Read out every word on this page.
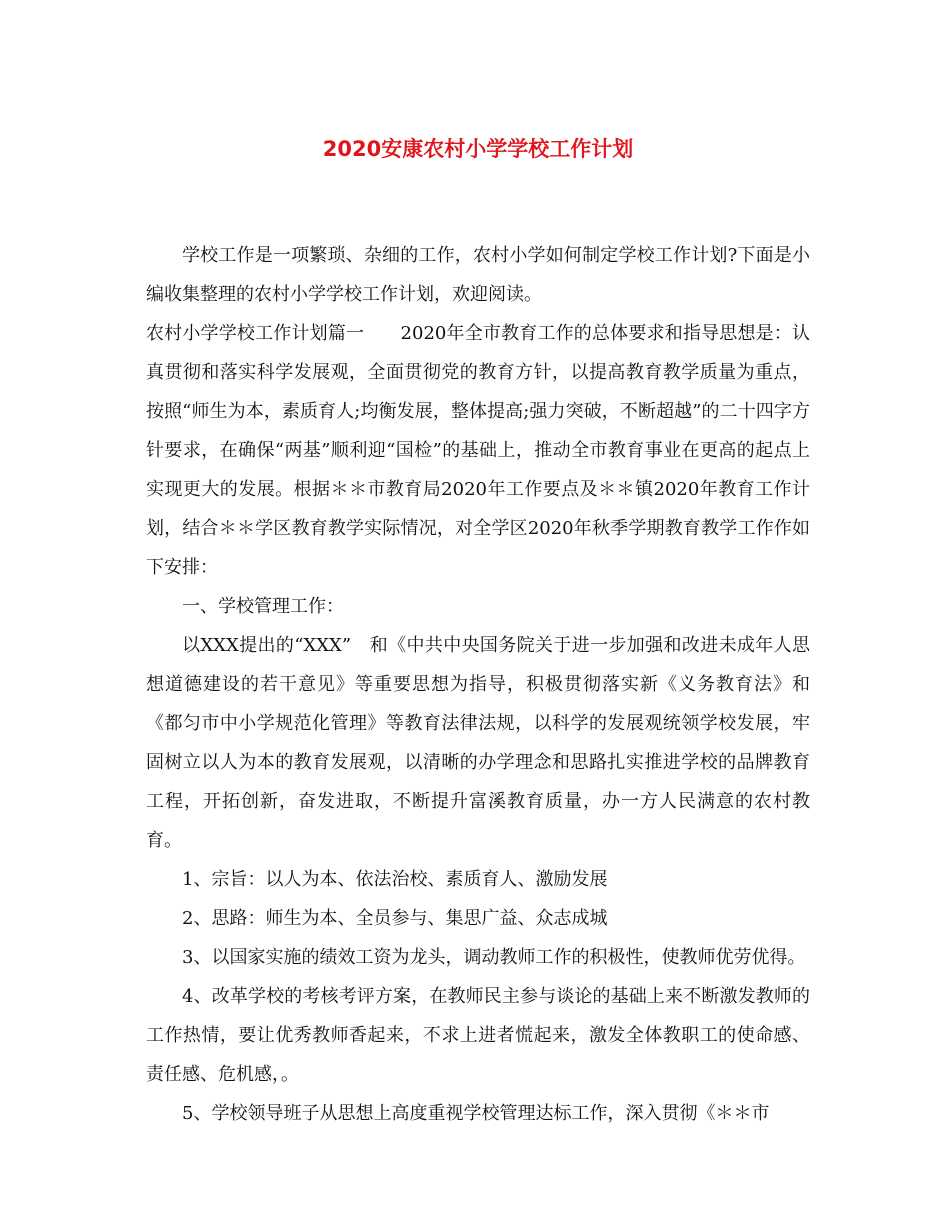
2020安康农村小学学校工作计划

学校工作是一项繁琐、杂细的工作，农村小学如何制定学校工作计划?下面是小编收集整理的农村小学学校工作计划，欢迎阅读。

农村小学学校工作计划篇一　　2020年全市教育工作的总体要求和指导思想是：认真贯彻和落实科学发展观，全面贯彻党的教育方针，以提高教育教学质量为重点，按照“师生为本，素质育人;均衡发展，整体提高;强力突破，不断超越”的二十四字方针要求，在确保“两基”顺利迎“国检”的基础上，推动全市教育事业在更高的起点上实现更大的发展。根据＊＊市教育局2020年工作要点及＊＊镇2020年教育工作计划，结合＊＊学区教育教学实际情况，对全学区2020年秋季学期教育教学工作作如下安排：

一、学校管理工作：

以XXX提出的“XXX”　和《中共中央国务院关于进一步加强和改进未成年人思想道德建设的若干意见》等重要思想为指导，积极贯彻落实新《义务教育法》和《都匀市中小学规范化管理》等教育法律法规，以科学的发展观统领学校发展，牢固树立以人为本的教育发展观，以清晰的办学理念和思路扎实推进学校的品牌教育工程，开拓创新，奋发进取，不断提升富溪教育质量，办一方人民满意的农村教育。

1、宗旨：以人为本、依法治校、素质育人、激励发展

2、思路：师生为本、全员参与、集思广益、众志成城

3、以国家实施的绩效工资为龙头，调动教师工作的积极性，使教师优劳优得。

4、改革学校的考核考评方案，在教师民主参与谈论的基础上来不断激发教师的工作热情，要让优秀教师香起来，不求上进者慌起来，激发全体教职工的使命感、责任感、危机感，。

5、学校领导班子从思想上高度重视学校管理达标工作，深入贯彻《＊＊市
